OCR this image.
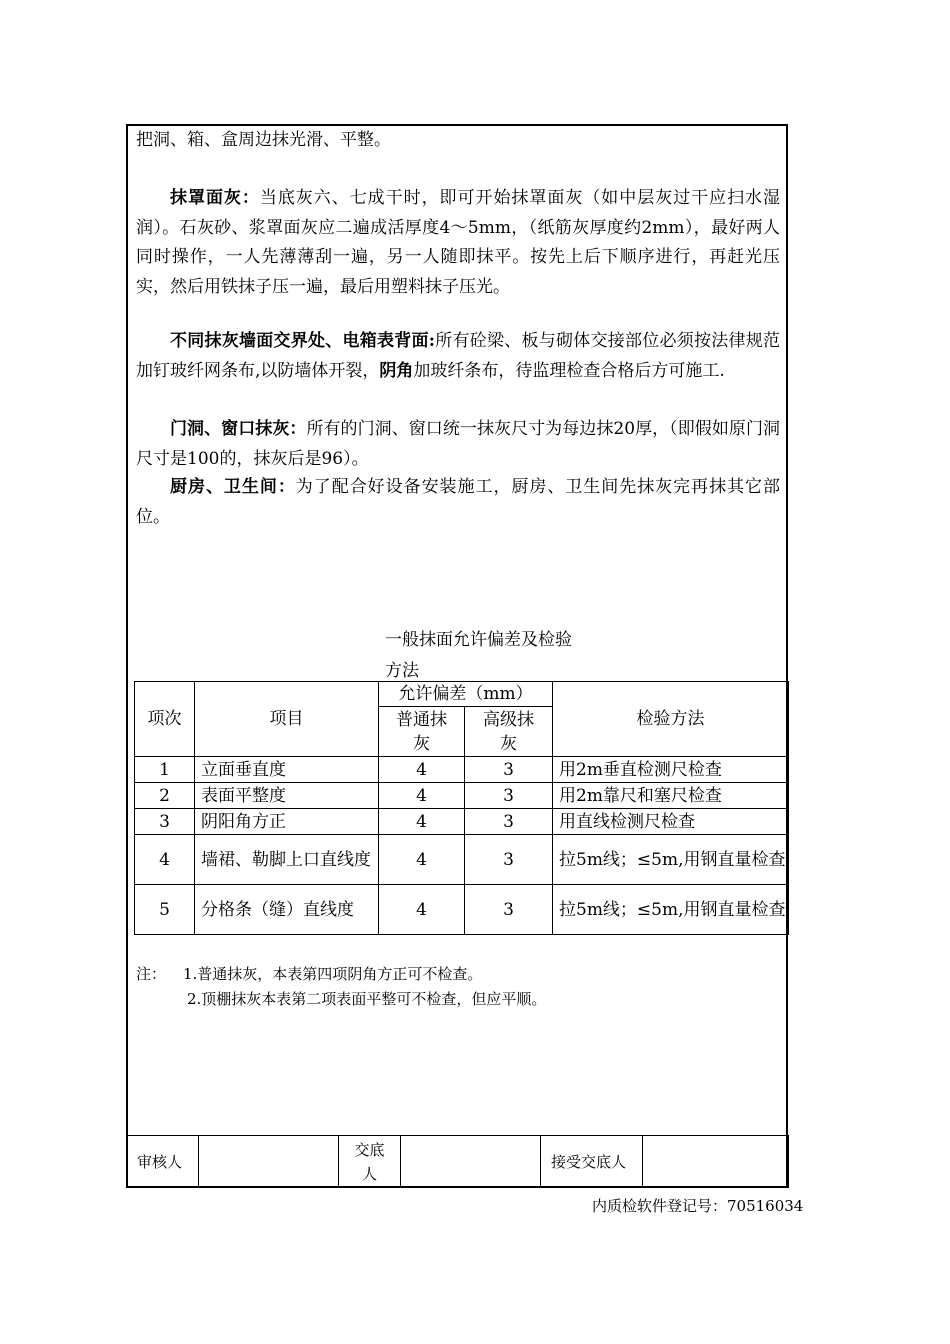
把洞、箱、盒周边抹光滑、平整。
抹罩面灰：当底灰六、七成干时，即可开始抹罩面灰（如中层灰过干应扫水湿润）。石灰砂、浆罩面灰应二遍成活厚度4～5mm，（纸筋灰厚度约2mm），最好两人同时操作，一人先薄薄刮一遍，另一人随即抹平。按先上后下顺序进行，再赶光压实，然后用铁抹子压一遍，最后用塑料抹子压光。
不同抹灰墙面交界处、电箱表背面:所有砼梁、板与砌体交接部位必须按法律规范加钉玻纤网条布,以防墙体开裂，阴角加玻纤条布，待监理检查合格后方可施工.
门洞、窗口抹灰：所有的门洞、窗口统一抹灰尺寸为每边抹20厚，（即假如原门洞尺寸是100的，抹灰后是96）。
厨房、卫生间：为了配合好设备安装施工，厨房、卫生间先抹灰完再抹其它部位。
一般抹面允许偏差及检验
方法
项次	项目	允许偏差（mm）		检验方法
		普通抹灰	高级抹灰	
1	立面垂直度	4	3	用2m垂直检测尺检查
2	表面平整度	4	3	用2m靠尺和塞尺检查
3	阴阳角方正	4	3	用直线检测尺检查
4	墙裙、勒脚上口直线度	4	3	拉5m线；≤5m,用钢直量检查
5	分格条（缝）直线度	4	3	拉5m线；≤5m,用钢直量检查
注： 1.普通抹灰，本表第四项阴角方正可不检查。
2.顶棚抹灰本表第二项表面平整可不检查，但应平顺。
审核人		交底人		接受交底人	
内质检软件登记号：70516034
